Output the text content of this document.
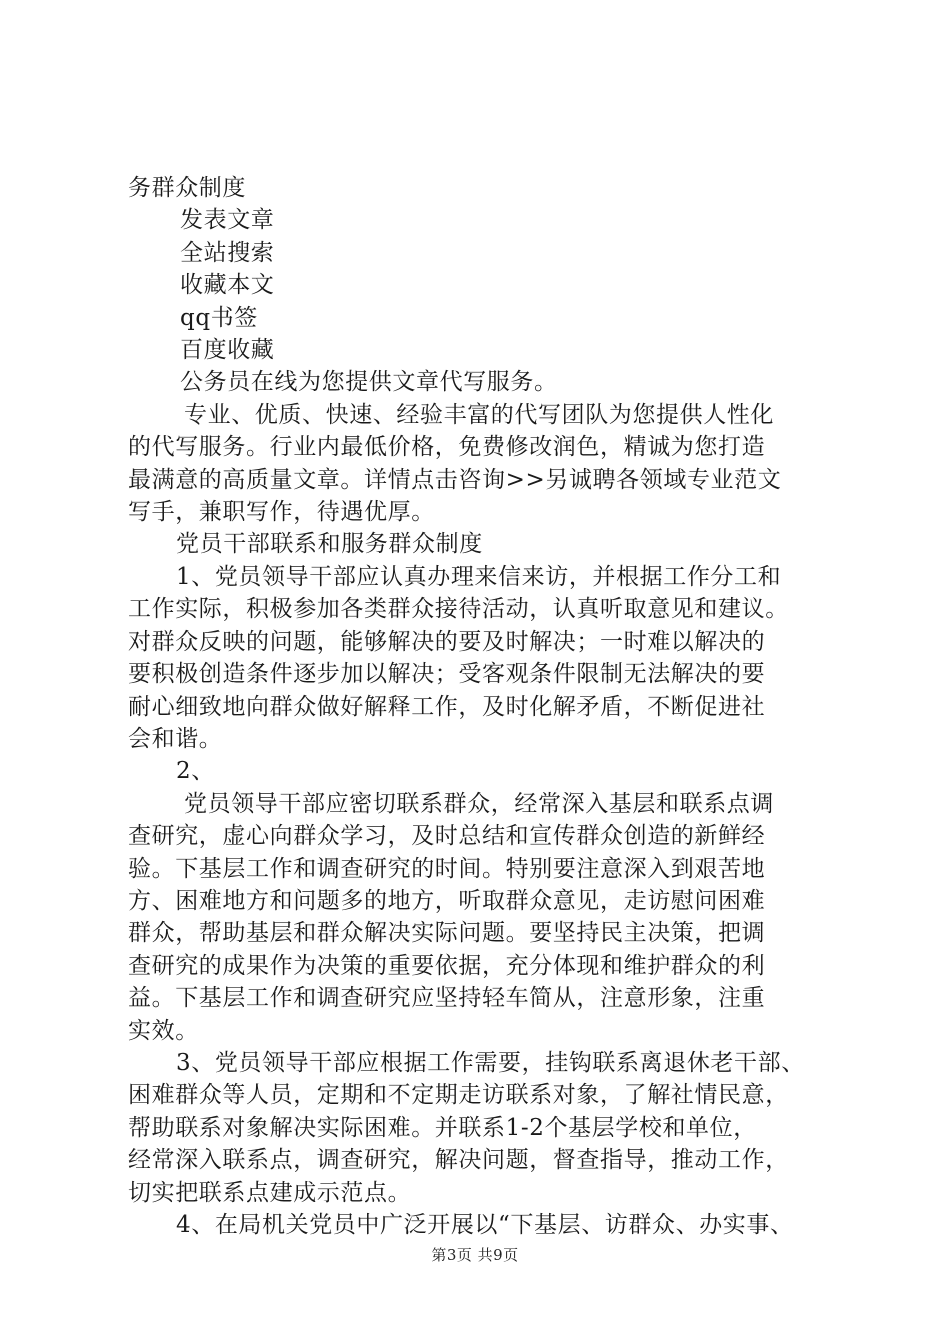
务群众制度
发表文章
全站搜索
收藏本文
qq书签
百度收藏
公务员在线为您提供文章代写服务。
专业、优质、快速、经验丰富的代写团队为您提供人性化
的代写服务。行业内最低价格，免费修改润色，精诚为您打造
最满意的高质量文章。详情点击咨询>>另诚聘各领域专业范文
写手，兼职写作，待遇优厚。
党员干部联系和服务群众制度
1、党员领导干部应认真办理来信来访，并根据工作分工和
工作实际，积极参加各类群众接待活动，认真听取意见和建议。
对群众反映的问题，能够解决的要及时解决；一时难以解决的
要积极创造条件逐步加以解决；受客观条件限制无法解决的要
耐心细致地向群众做好解释工作，及时化解矛盾，不断促进社
会和谐。
2、
党员领导干部应密切联系群众，经常深入基层和联系点调
查研究，虚心向群众学习，及时总结和宣传群众创造的新鲜经
验。下基层工作和调查研究的时间。特别要注意深入到艰苦地
方、困难地方和问题多的地方，听取群众意见，走访慰问困难
群众，帮助基层和群众解决实际问题。要坚持民主决策，把调
查研究的成果作为决策的重要依据，充分体现和维护群众的利
益。下基层工作和调查研究应坚持轻车简从，注意形象，注重
实效。
3、党员领导干部应根据工作需要，挂钩联系离退休老干部、
困难群众等人员，定期和不定期走访联系对象，了解社情民意，
帮助联系对象解决实际困难。并联系1-2个基层学校和单位，
经常深入联系点，调查研究，解决问题，督查指导，推动工作，
切实把联系点建成示范点。
4、在局机关党员中广泛开展以“下基层、访群众、办实事、
第3页 共9页
